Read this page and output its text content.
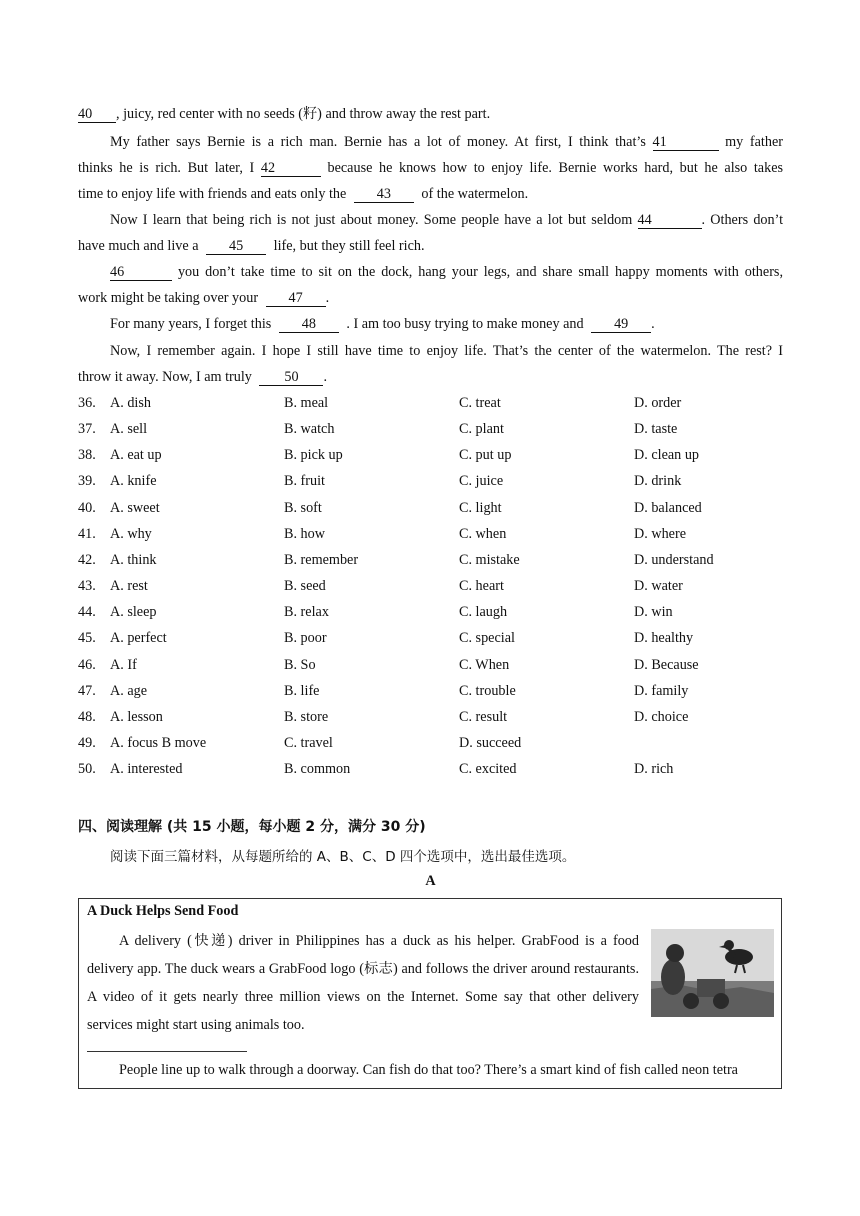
40 , juicy, red center with no seeds (籽) and throw away the rest part.
My father says Bernie is a rich man. Bernie has a lot of money. At first, I think that’s 41	my father
thinks he is rich. But later, I 42	because he knows how to enjoy life. Bernie works hard, but he also takes
time to enjoy life with friends and eats only the 43 of the watermelon.
Now I learn that being rich is not just about money. Some people have a lot but seldom 44	. Others don’t
have much and live a 45 life, but they still feel rich.
46	you don’t take time to sit on the dock, hang your legs, and share small happy moments with others,
work might be taking over your 47 .
For many years, I forget this 48 . I am too busy trying to make money and 49 .
Now, I remember again. I hope I still have time to enjoy life. That’s the center of the watermelon. The rest? I
throw it away. Now, I am truly 50 .
36. A. dish	B. meal	C. treat	D. order
37. A. sell	B. watch	C. plant	D. taste
38. A. eat up	B. pick up	C. put up	D. clean up
39. A. knife	B. fruit	C. juice	D. drink
40. A. sweet	B. soft	C. light	D. balanced
41. A. why	B. how	C. when	D. where
42. A. think	B. remember	C. mistake	D. understand
43. A. rest	B. seed	C. heart	D. water
44. A. sleep	B. relax	C. laugh	D. win
45. A. perfect	B. poor	C. special	D. healthy
46. A. If	B. So	C. When	D. Because
47. A. age	B. life	C. trouble	D. family
48. A. lesson	B. store	C. result	D. choice
49. A. focus B move	C. travel	D. succeed
50. A. interested	B. common	C. excited	D. rich
四、阅读理解 (共 15 小题，每小题 2 分，满分 30 分)
阅读下面三篇材料，从每题所给的 A、B、C、D 四个选项中，选出最佳选项。
A
A Duck Helps Send Food
A delivery (快递) driver in Philippines has a duck as his helper. GrabFood is a food delivery app. The duck wears a GrabFood logo (标志) and follows the driver around restaurants. A video of it gets nearly three million views on the Internet. Some say that other delivery services might start using animals too.
People line up to walk through a doorway. Can fish do that too? There’s a smart kind of fish called neon tetra
